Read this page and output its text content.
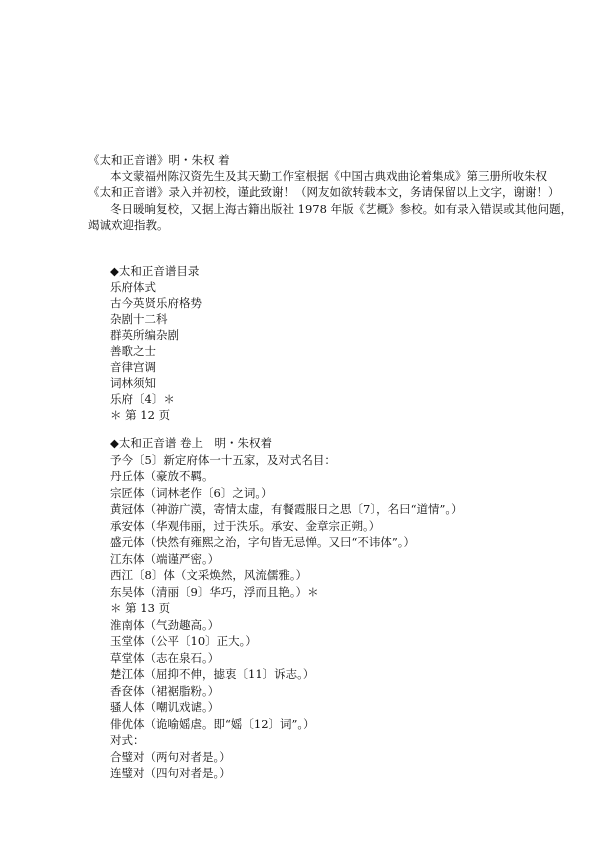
《太和正音谱》明・朱权 着
本文蒙福州陈汉资先生及其天勤工作室根据《中国古典戏曲论着集成》第三册所收朱权
《太和正音谱》录入并初校，谨此致谢！（网友如欲转载本文，务请保留以上文字，谢谢！）
冬日暖晌复校，又据上海古籍出版社 1978 年版《艺概》参校。如有录入错误或其他问题，
竭诚欢迎指教。
◆太和正音谱目录
乐府体式
古今英贤乐府格势
杂剧十二科
群英所编杂剧
善歌之士
音律宫调
词林须知
乐府〔4〕＊
＊ 第 12 页
◆太和正音谱 卷上　明・朱权着
予今〔5〕新定府体一十五家，及对式名目：
丹丘体（豪放不羁。
宗匠体（词林老作〔6〕之词。）
黄冠体（神游广漠，寄情太虚，有餐霞服日之思〔7〕，名曰“道情”。）
承安体（华观伟丽，过于泆乐。承安、金章宗正朔。）
盛元体（快然有雍熙之治，字句皆无忌惮。又曰“不讳体”。）
江东体（端谨严密。）
西江〔8〕体（文采焕然，风流儒雅。）
东吴体（清丽〔9〕华巧，浮而且艳。）＊
＊ 第 13 页
淮南体（气劲趣高。）
玉堂体（公平〔10〕正大。）
草堂体（志在泉石。）
楚江体（屈抑不伸，摅衷〔11〕诉志。）
香奁体（裙裾脂粉。）
骚人体（嘲讥戏谑。）
俳优体（诡喻媱虐。即“媱〔12〕词”。）
对式：
合璧对（两句对者是。）
连璧对（四句对者是。）
